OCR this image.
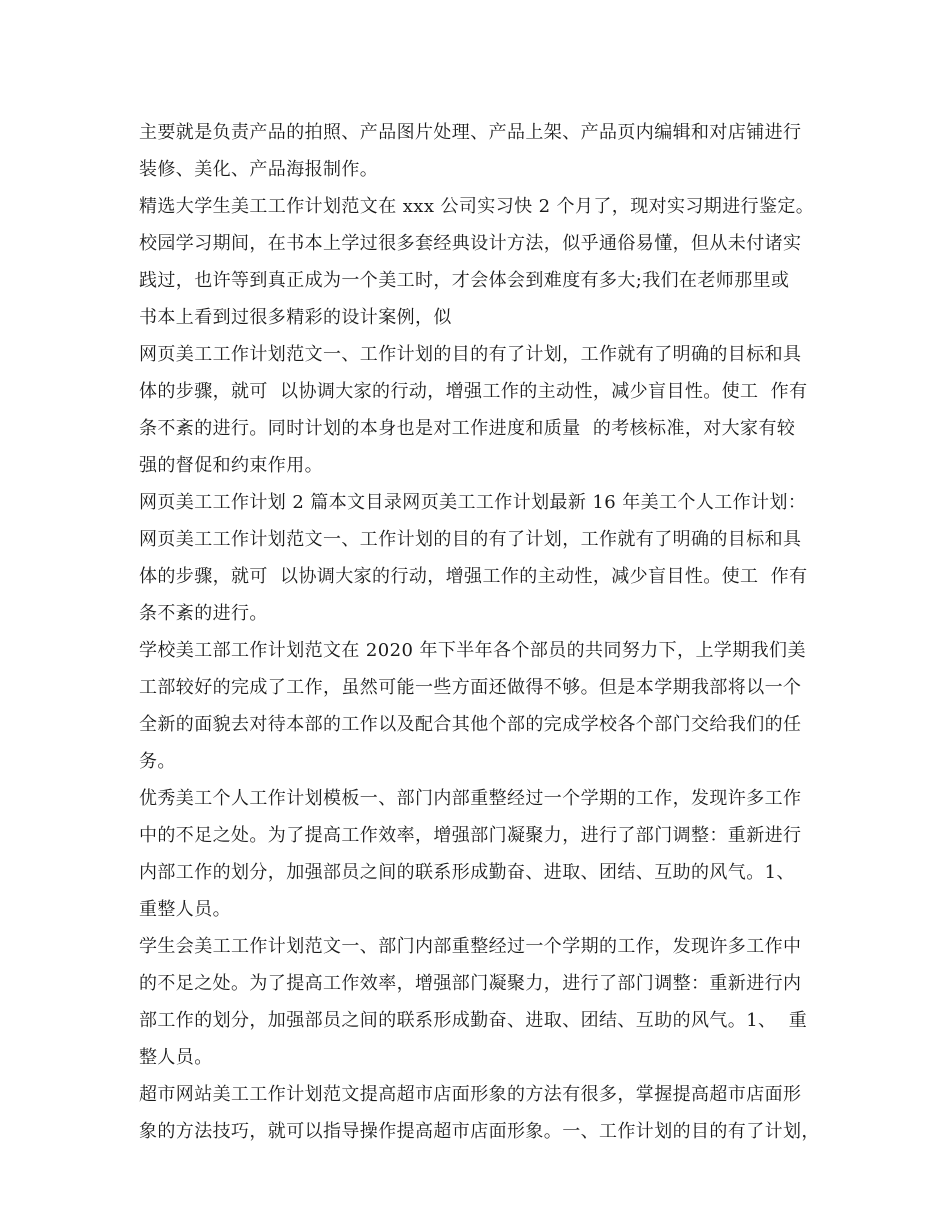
主要就是负责产品的拍照、产品图片处理、产品上架、产品页内编辑和对店铺进行
装修、美化、产品海报制作。
精选大学生美工工作计划范文在 xxx 公司实习快 2 个月了，现对实习期进行鉴定。
校园学习期间，在书本上学过很多套经典设计方法，似乎通俗易懂，但从未付诸实
践过，也许等到真正成为一个美工时，才会体会到难度有多大;我们在老师那里或
书本上看到过很多精彩的设计案例，似
网页美工工作计划范文一、工作计划的目的有了计划，工作就有了明确的目标和具
体的步骤，就可  以协调大家的行动，增强工作的主动性，减少盲目性。使工  作有
条不紊的进行。同时计划的本身也是对工作进度和质量  的考核标准，对大家有较
强的督促和约束作用。
网页美工工作计划 2 篇本文目录网页美工工作计划最新 16 年美工个人工作计划：
网页美工工作计划范文一、工作计划的目的有了计划，工作就有了明确的目标和具
体的步骤，就可  以协调大家的行动，增强工作的主动性，减少盲目性。使工  作有
条不紊的进行。
学校美工部工作计划范文在 2020 年下半年各个部员的共同努力下，上学期我们美
工部较好的完成了工作，虽然可能一些方面还做得不够。但是本学期我部将以一个
全新的面貌去对待本部的工作以及配合其他个部的完成学校各个部门交给我们的任
务。
优秀美工个人工作计划模板一、部门内部重整经过一个学期的工作，发现许多工作
中的不足之处。为了提高工作效率，增强部门凝聚力，进行了部门调整：重新进行
内部工作的划分，加强部员之间的联系形成勤奋、进取、团结、互助的风气。1、
重整人员。
学生会美工工作计划范文一、部门内部重整经过一个学期的工作，发现许多工作中
的不足之处。为了提高工作效率，增强部门凝聚力，进行了部门调整：重新进行内
部工作的划分，加强部员之间的联系形成勤奋、进取、团结、互助的风气。1、  重
整人员。
超市网站美工工作计划范文提高超市店面形象的方法有很多，掌握提高超市店面形
象的方法技巧，就可以指导操作提高超市店面形象。一、工作计划的目的有了计划，
